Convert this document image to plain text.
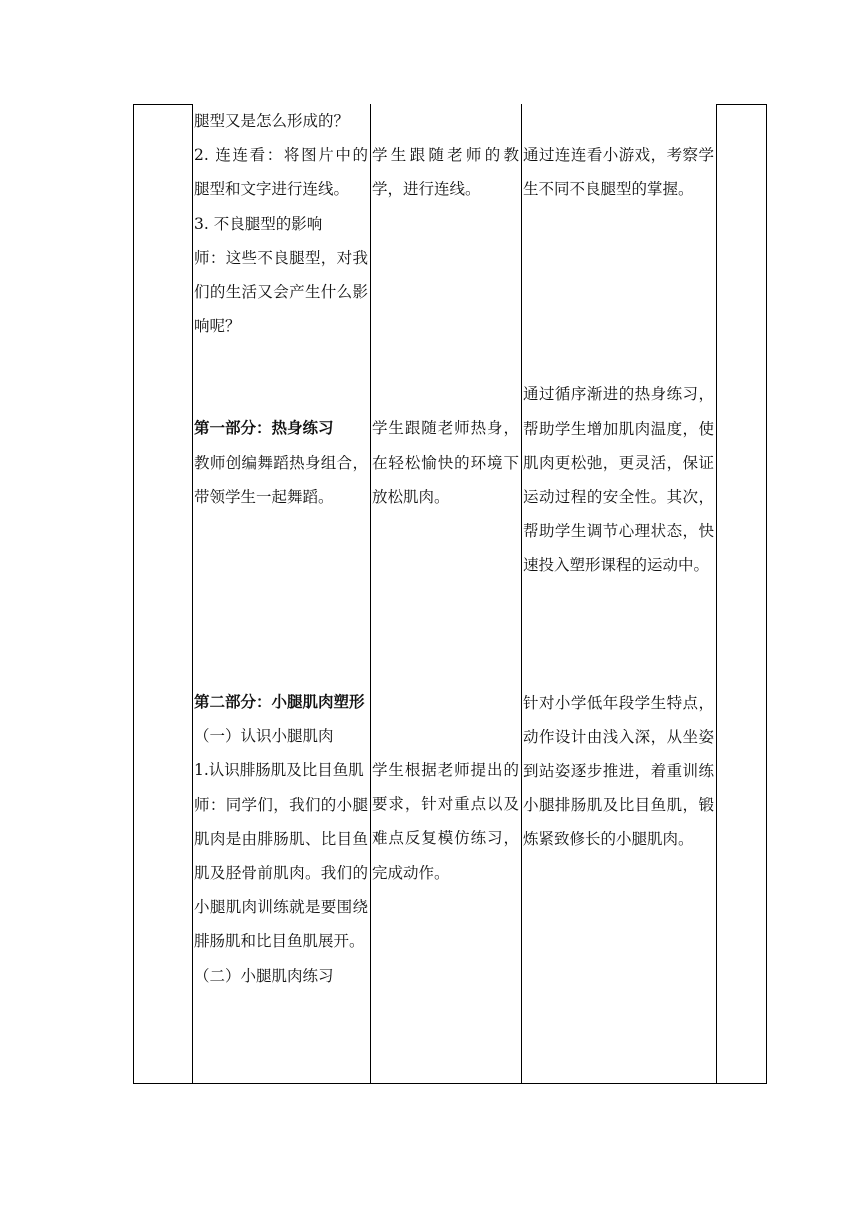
腿型又是怎么形成的？

2. 连连看：将图片中的腿型和文字进行连线。

3. 不良腿型的影响

师：这些不良腿型，对我们的生活又会产生什么影响呢？

第一部分：热身练习

教师创编舞蹈热身组合，带领学生一起舞蹈。

第二部分：小腿肌肉塑形

（一）认识小腿肌肉

1.认识腓肠肌及比目鱼肌

师：同学们，我们的小腿肌肉是由腓肠肌、比目鱼肌及胫骨前肌肉。我们的小腿肌肉训练就是要围绕腓肠肌和比目鱼肌展开。

（二）小腿肌肉练习

学生跟随老师的教学，进行连线。

学生跟随老师热身，在轻松愉快的环境下放松肌肉。

学生根据老师提出的要求，针对重点以及难点反复模仿练习，完成动作。

通过连连看小游戏，考察学生不同不良腿型的掌握。

通过循序渐进的热身练习，帮助学生增加肌肉温度，使肌肉更松弛，更灵活，保证运动过程的安全性。其次，帮助学生调节心理状态，快速投入塑形课程的运动中。

针对小学低年段学生特点，动作设计由浅入深，从坐姿到站姿逐步推进，着重训练小腿排肠肌及比目鱼肌，锻炼紧致修长的小腿肌肉。
